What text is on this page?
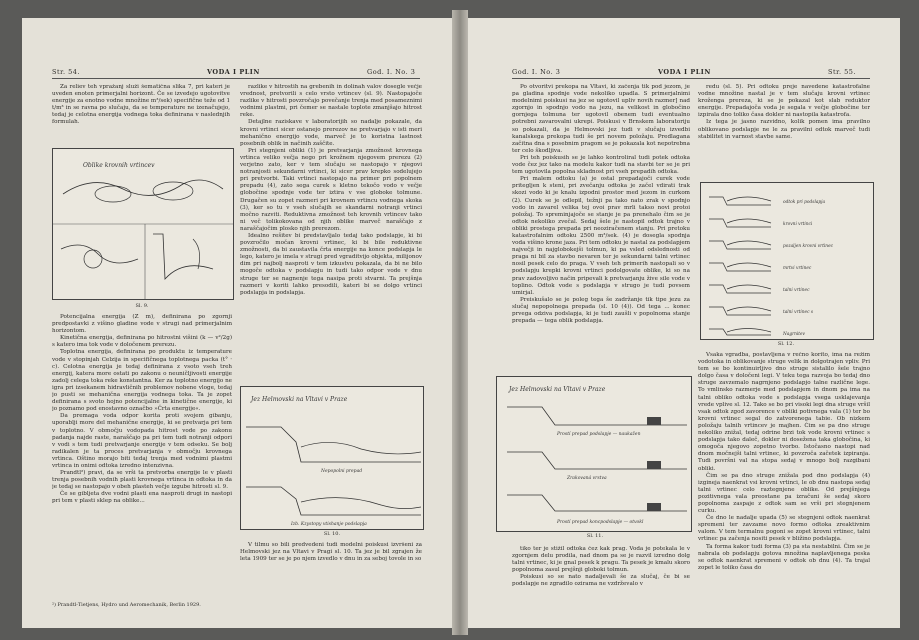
Str. 54.	VODA I PLIN	God. I. No. 3

Za reliev teh vpražanj služi šematična slika 7, pri kateri je uveden enoten primerjalni horizont. Če se izvedejo ugotovitve energije za enotno vodne množine m³/sek) specifične teže od 1 t/m³ in se ravna po slučaju, da se temperature ne izenačujejo, tedaj je celotna energija vodnega toka definirana v naslednjih formulah.

Oblike krovnih vrtincev
Sl. 9.

Potencijalna energija (Z m), definirana po zgornji predpostavki z višino gladine vode v strugi nad primerjalnim horizontom.

Kinetična energija, definirana po hitrostni višini (k — v²/2g) s katero ima tok vode v določenem prerezu.

Toplotna energija, definirana po produktu iz temperature vode v stopinjah Celzija in specifičnega toplotnega packa (t° · c). Celotna energija je tedaj definirana z vsoto vseh treh energij, katera more ostati po zakonu o neuničljivosti energije zadolj celega toka reke konstantna. Ker za toplotno energijo ne igra pri izsekanem hidravličnih problemov nobene vloge, tedaj jo pusti se mehanična energija vodnega toka. Ta je zopet definirana s svoto hojno potencijalne in kinetične energije, ki jo poznamo pod enostavno označbo »Črta energije«.

Da premaga voda odpor korita proti svojem gibanju, uporablji more del mehanične energije, ki se pretvarja pri tem v toplotno. V območju vodopada hitrost vode po zakonu padanja najde raste, naraščajo pa pri tem tudi notranji odpori v vodi s tem tudi pretvarjanje energije v tem odseku. Se bolj radikalen je ta proces pretvarjanja v območju krovnega vrtinca. Oštino morajo biti tedaj trenja med vodnimi plastmi vrtinca in onimi odtoka izredno intenzivna.

Prandtl²) pravi, da se vrši ta pretvorba energije le v plasti trenja posebnih vodnih plasti krovnega vrtinca in odtoka in da je tedaj se nastopajo v obeh plasteh večje izgube hitrosti sl. 9.

Če se gibljeta dve vodni plasti ena nasproti drugi in nastopi pri tem v plasti sklep na oblike...

²) Prandtl-Tietjens, Hydro und Aeromechanik, Berlin 1929.

razlike v hitrostih na grebenih in dolinah valov dosegle večje vrednost, pretvorili s celo vrsto vrtincev (sl. 9). Nastopajoče razlike v hitrosti povzročajo povečanje trenja med posameznimi vodnimi plastmi, pri čemer se nastale toplote zmanjšajo hitrost reke.

Detajlne raziskave v laboratorijih so nadalje pokazale, da krovni vrtinci sicer ostanejo prerezov ne pretvarjajo v isti meri mehanično energijo vode, marveč je to koristna lastnost posebnih oblik in načinih zaščite.

Pri stegnjeni obliki (1) je pretvarjanja zmožnost krovnega vrtinca veliko večja nego pri krožnem njegovem prerezu (2) verjetno zato, ker v tem slučaju se nastopajo v njegovi notranjosti sekundarni vrtinci, ki sicer prav krepko sodelujejo pri pretvorbi. Taki vrtinci nastopajo na primer pri popolnem prepadu (4), zato sega curek s kletno tekočo vodo v večje globočine spodnje vode ter iztira v vse globoke tolmune. Drugačen su zopet razmeri pri krovnem vrtincu vodnega skoka (3), ker so tu v vseh slučajih se skandarni notranji vrtinci močno razviti. Reduktivna zmožnost teh krovnih vrtincev tako ni več tolikokovana od njih oblike marveč naraščajo z naraščajočim plosko njih prerezom.

Idealno rešitev bi predstavljalo tedaj tako podslapje, ki bi povzročilo močan krovni vrtinec, ki bi bile reduktivne zmožnosti, da bi zaustavila črta energije na konce podslapja le lego, katero je imela v strugi pred vgraditvijo objekta, milijonov dim pri najbolj nasproti v tem izkustvu pokazala, da bi ne bilo mogoče odtoka v podslapju in tudi tako odpor vode v dnu struge ter se nagnenje tega nasipa proti stvarni. Ta prejšnja razmeri v koriti lahko presodili, kateri bi se dolgo vrtinci podslapja in podslapja.

Jez Helmovski na Vltavi v Praze
Nepopolni prepad
Izb. Kzystopy vtishanje podslapja
Sl. 10.

V tilmu so bili predvedeni tudi modelni poiskusi izvršeni za Helmovski jez na Vltavi v Pragi sl. 10. Ta jez je bil zgrajen že leta 1909 ter se je po njem izvedlo v dnu in za seboj tovole in so

God. I. No. 3	VODA I PLIN	Str. 55.

Po otvoritvi prekopa na Vltavi, ki začenja tik pod jezom, je pa gladina spodnje vode nekoliko upadla. S primerjalnimi modelnimi poiskusi na jez se ugotovil upliv novih razmer] nad zgornjo in spodnjo vodo na jezu, na velikost in globočino gornjega tolmuna ter ugotovil obenem tudi eventualno potrebni zavarovalni ukrepi. Poiskusi v Brnskem laboratoriju so pokazali, da je Helmovski jez tudi v slučaju izvedbi kanalskega prekopa tudi še pri novem položaju. Predlagana začitna dna s posebnim pragom se je pokazala kot nepotrebna ter celo škodljiva.

Pri teh poiskusih se je lahko kontroliral tudi potek odtoka vode čez jez tako na modelu kakor tudi na stavbi ter se je pri tem ugotovila popolna skladnost pri vseh prepadih odtoka.

Pri malem odtoku (a) je ostal prepadajoči curek vode pritegljen k steni, pri zvečanju odtoka je začel vdirati trak skozi vodo ki je knalu izpodni prostor med jezom in curkom (2). Curek se je odlepil, težnji pa tako nato zrak v spodnjo vodo in zavarel velika tej ovoi prav mrli takso novi protoi položaj. To spreminjajoče se stanje je pa prenehalo čim se je odtok nekoliko zvečal. Sedaj šele je nastopil odtok trajno v obliki prostega prepada pri neoziračenem stanju. Pri pretoku katastrofalnim odtoku 2500 m³/sek. (4) je dosegla spodnja voda višino krone jaza. Pri tem odtoku je nastal za podslapjem največji in najglobokejši tolmun, ki pa vsled odslednosti od praga ni bil za stavbo nevaren ter je sekundarni talni vrtinec nosil pesek celo do praga. V vseh teh primerih nastopali so v podslapju krepki krovni vrtinci podolgovate oblike, ki so na prav zadovoljivo način pripevali k pretvarjanju žive sile vode v toplino. Odtok vode s podslapja v strugo je tudi povsem umirjal.

Preiskušalo se je poleg tega še zadržanje tik tipe jezu za slučaj nepopolnega prepada (sl. 10 (4)). Od tega ... konec prvega odziva podslapja, ki je tudi zaušli v popolnoma stanje prepada — tega oblik podslapja.

Jez Helmovski na Vltavi v Praze
Prostí prepad podslapje — naukažen
Zrakovaná vrstva
Prostí prepad koncpodslapje — otvokl
Sl. 11.

tiko ter je stižil odtoka čez kak prag. Voda je potekala le v zgornjem delu prodila, nad dnom pa se je razvil izredno dolg talni vrtinec, ki je gnal pesek k pragu. Ta pesek je kmalu skoro popolnoma zasul prejšnji globoki tolmun.

Poiskusi so se nato nadaljevali še za slučaj, če bi se podslapje ne zgradilo ozirama ne vzdrževalo v

redu (sl. 5). Pri odtoku preje navedene katastrofalne vodne množine nastal je v tem slučaju krovni vrtinec kroženga prereza, ki se je pokazal kot slab reduktor energije. Prepadajoča voda je segala v večje globočine ter izpirala dno toliko časa dokler ni nastopila katastrofa.

Iz tega je jasno razvidno, kolik pomen ima pravilno oblikovano podslapje ne le za pravilni odtok marveč tudi stabilitet in varnost stavbe same.

odtok pri podslapja
krovni vrtinci
pozaljen krovni vrtinec
mrtvi vrtinec
talni vrtinec
talni vrtinec s
Nagrnitev
Sl. 12.

Vsaka vgradba, postavljena v rečno korito, ima na režim vodotoka in oblikovanje struge velik in dolgotrajen vpliv. Pri tem se bo kontinuirljivo dno struge sistalilo šele trajno dolgo časa v določeni legi. V teku tega razvoja bo tedaj dno struge zavzemalo nagrnjeno podslapjo talne različne lege. To vmlinsko razmerje med podslapjem in dnom pa ima na talni obliko odtoka vode s podslapja vsega usklajevanja vrede vplive sl. 12. Tako se bo pri visoki legi dna struge vršil vsak odtok zgod zavorence v obliki potivnega vala (1) ter bo krovni vrtinec segal do zatvorenega tabie. Ob nizkem položaju talnih vrtincev je majhen. Ćim se pa dno struge nekoliko znižal, tedaj odrine brzi tok vode krovni vrtinec s podslapja tako daleč, dokler ni dosežena taka globočina, ki omogoča njegovo zopetno tvorbo. Istočasno nastopi nad dnom močnejši talni vrtinec, ki povzroča začetek izpiranja. Tudi površni val na stopa sedaj v mnogo bolj razgibani obliki.

Čim se pa dno struge znižala pod dno podslapja (4) izgineja naenkrat vsi krovni vrtinci, le ob dnu nastopa sedaj talni vrtinec celo raztegnjene oblike. Od prejšnjega pozitivnega vala preostane pa izračuni še sedaj skoro popolnoma zaspaje z odtok sam se vrši pri stegnjenem curku.

Če dno le nadalje upada (5) se stegnjeni odtok naenkrat spremeni ter zavzame novo formo odtoka zreaktivnim valom. V tem termalnu pogoni se zopet krovni vrtinec, talni vrtinec pa začenja nositi pesek v bližino podslapja.

Ta forma kakor tudi forma (3) pa sta nestabilni. Čim se je nabrala ob podslapju gotova množina naplavljenega peska se odtok naenkrat spremeni v odtok ob dnu (4). Ta trajal zopet le toliko časa do
